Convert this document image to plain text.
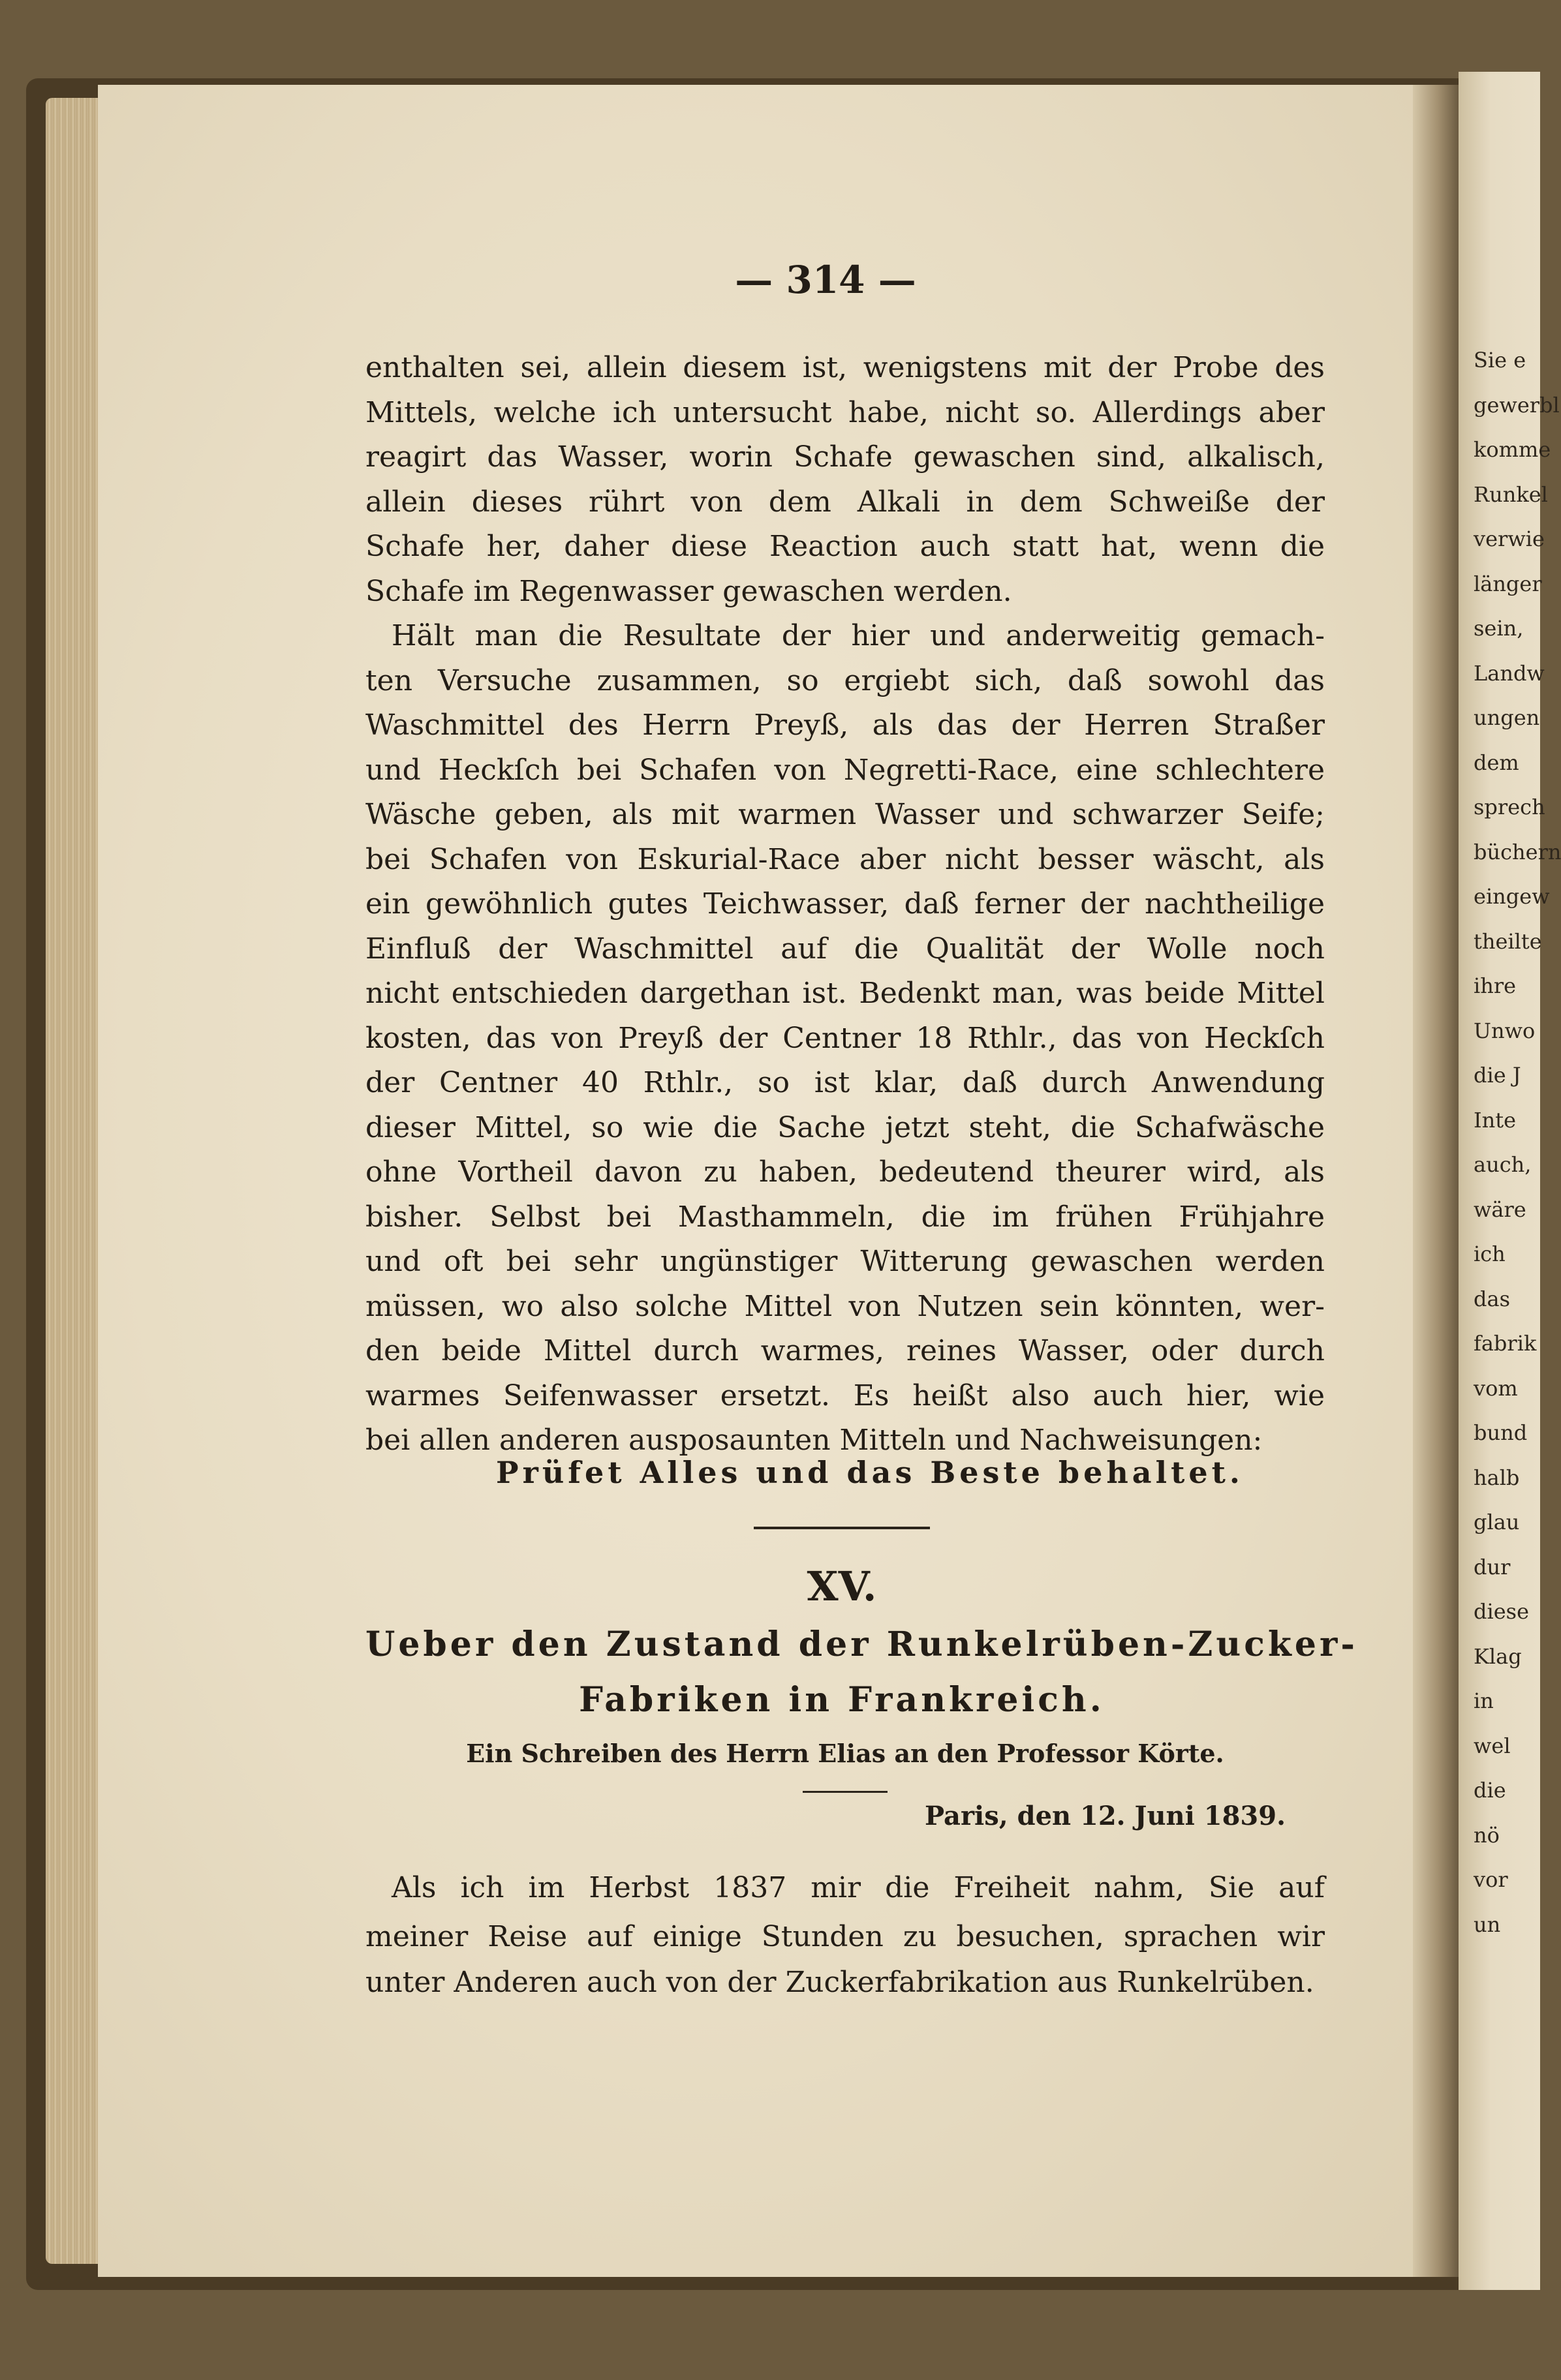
Sie e
gewerbl
komme
Runkel
verwie
länger
sein,
Landw
ungen
dem
sprech
büchern
eingew
theilte
ihre
Unwo
die J
Inte
auch,
wäre
ich
das
fabrik
vom
bund
halb
glau
dur
diese
Klag
in
wel
die
nö
vor
un
— 314 —
enthalten sei, allein diesem ist, wenigstens mit der Probe des
Mittels, welche ich untersucht habe, nicht so. Allerdings aber
reagirt das Wasser, worin Schafe gewaschen sind, alkalisch,
allein dieses rührt von dem Alkali in dem Schweiße der
Schafe her, daher diese Reaction auch statt hat, wenn die
Schafe im Regenwasser gewaschen werden.
Hält man die Resultate der hier und anderweitig gemach-
ten Versuche zusammen, so ergiebt sich, daß sowohl das
Waschmittel des Herrn Preyß, als das der Herren Straßer
und Heckſch bei Schafen von Negretti-Race, eine schlechtere
Wäsche geben, als mit warmen Wasser und schwarzer Seife;
bei Schafen von Eskurial-Race aber nicht besser wäscht, als
ein gewöhnlich gutes Teichwasser, daß ferner der nachtheilige
Einfluß der Waschmittel auf die Qualität der Wolle noch
nicht entschieden dargethan ist. Bedenkt man, was beide Mittel
kosten, das von Preyß der Centner 18 Rthlr., das von Heckſch
der Centner 40 Rthlr., so ist klar, daß durch Anwendung
dieser Mittel, so wie die Sache jetzt steht, die Schafwäsche
ohne Vortheil davon zu haben, bedeutend theurer wird, als
bisher. Selbst bei Masthammeln, die im frühen Frühjahre
und oft bei sehr ungünstiger Witterung gewaschen werden
müssen, wo also solche Mittel von Nutzen sein könnten, wer-
den beide Mittel durch warmes, reines Wasser, oder durch
warmes Seifenwasser ersetzt. Es heißt also auch hier, wie
bei allen anderen ausposaunten Mitteln und Nachweisungen:
Prüfet Alles und das Beste behaltet.
XV.
Ueber den Zustand der Runkelrüben-Zucker-
Fabriken in Frankreich.
Ein Schreiben des Herrn Elias an den Professor Körte.
Paris, den 12. Juni 1839.
Als ich im Herbst 1837 mir die Freiheit nahm, Sie auf
meiner Reise auf einige Stunden zu besuchen, sprachen wir
unter Anderen auch von der Zuckerfabrikation aus Runkelrüben.
